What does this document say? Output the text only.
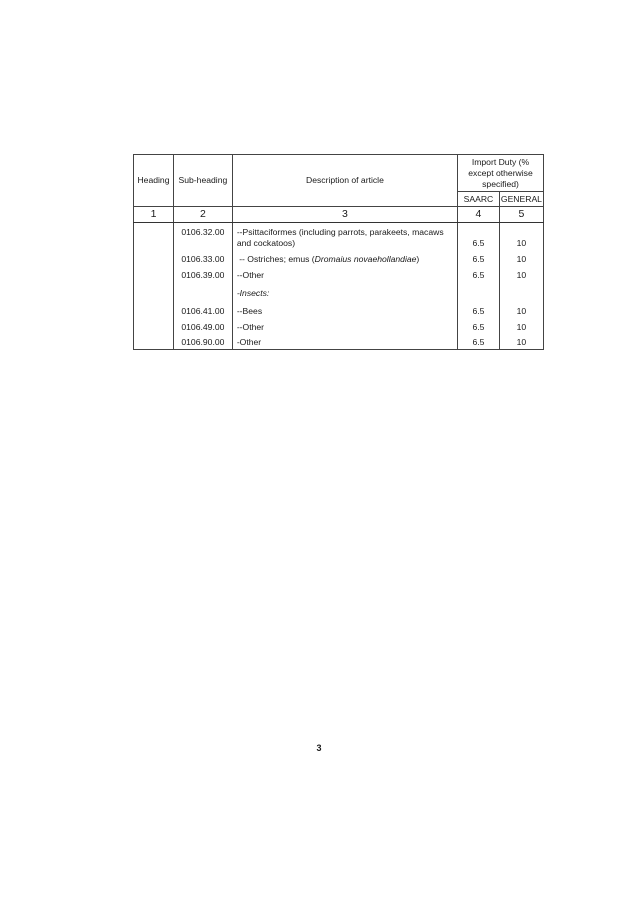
Heading	Sub-heading	Description of article	Import Duty (% except otherwise specified)	
			SAARC	GENERAL
1	2	3	4	5
	0106.32.00	--Psittaciformes (including parrots, parakeets, macaws and cockatoos)	6.5	10
	0106.33.00	-- Ostriches; emus (Dromaius novaehollandiae)	6.5	10
	0106.39.00	--Other	6.5	10
		-Insects:		
	0106.41.00	--Bees	6.5	10
	0106.49.00	--Other	6.5	10
	0106.90.00	-Other	6.5	10
3
